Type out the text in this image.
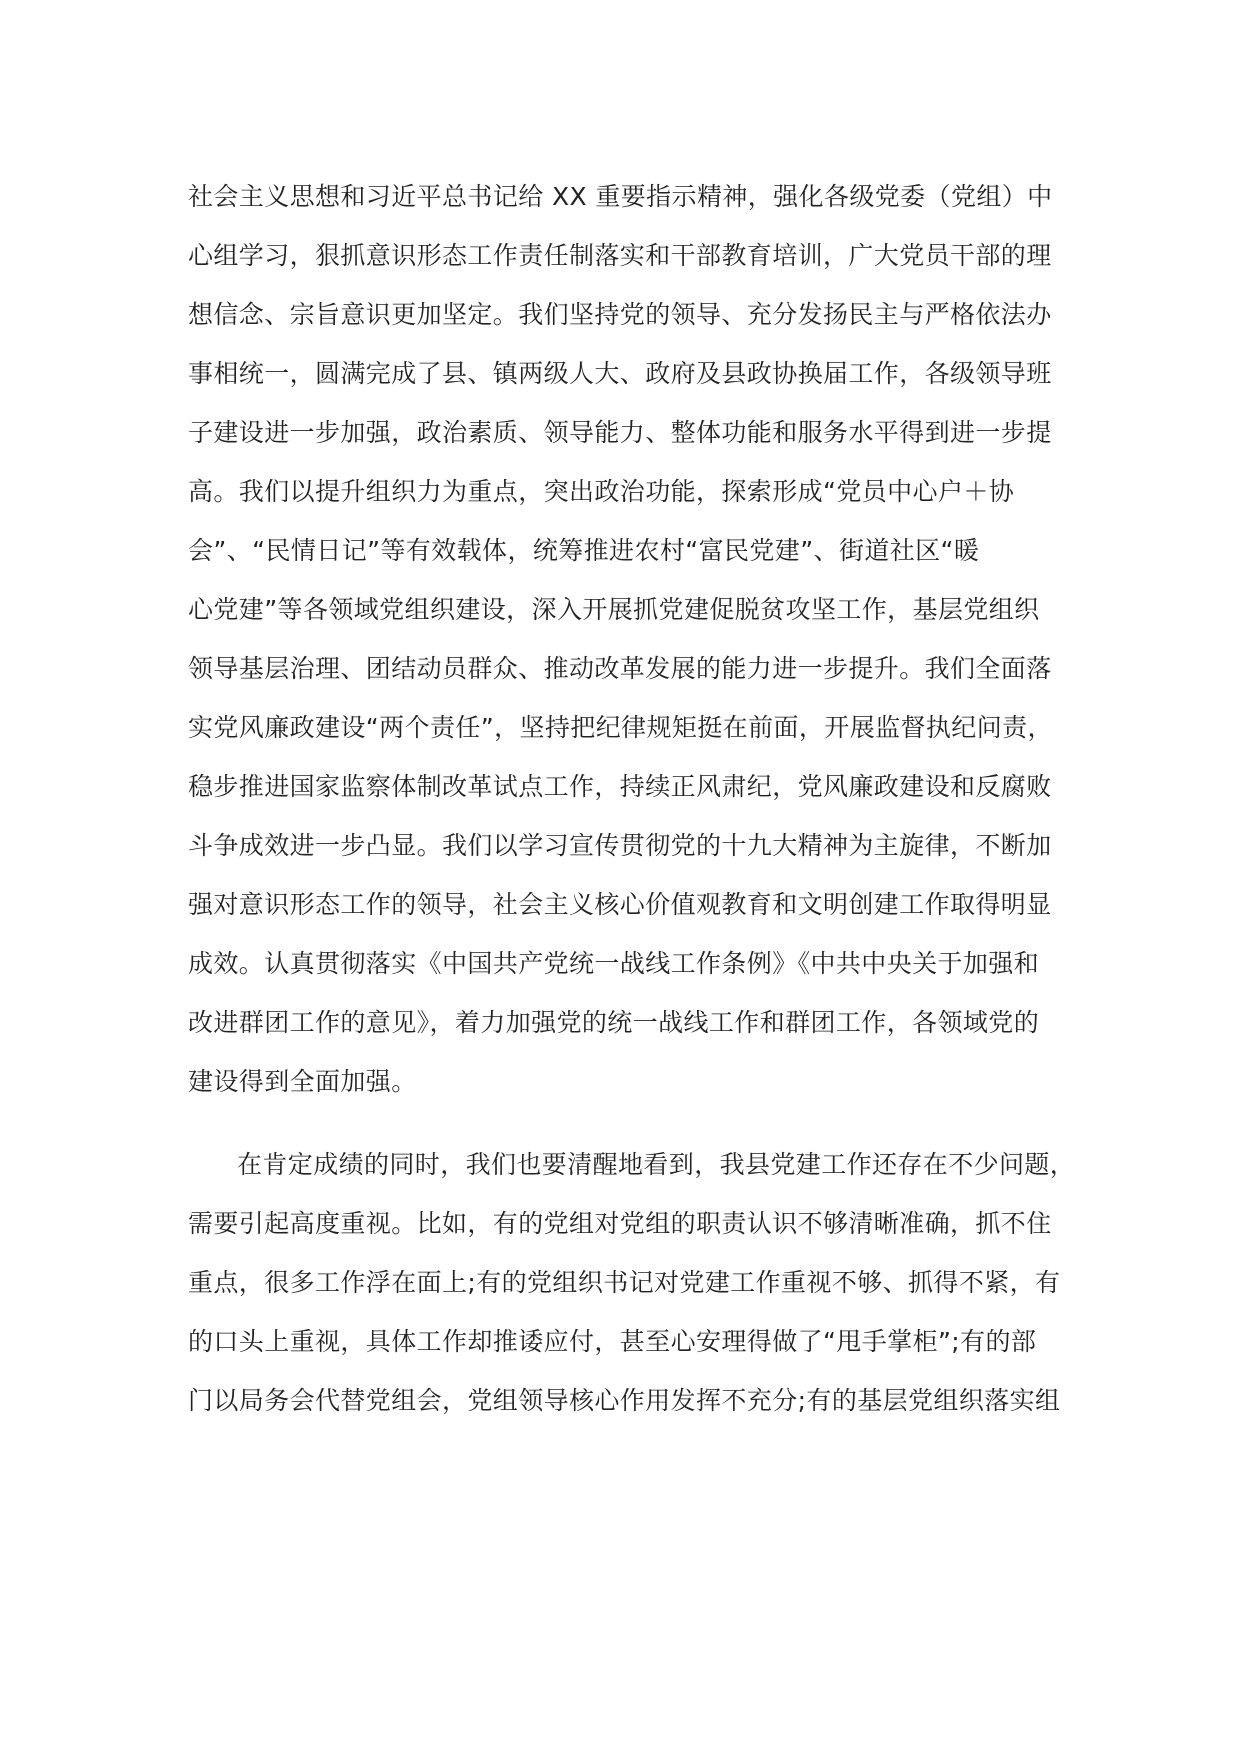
社会主义思想和习近平总书记给 XX 重要指示精神，强化各级党委（党组）中
心组学习，狠抓意识形态工作责任制落实和干部教育培训，广大党员干部的理
想信念、宗旨意识更加坚定。我们坚持党的领导、充分发扬民主与严格依法办
事相统一，圆满完成了县、镇两级人大、政府及县政协换届工作，各级领导班
子建设进一步加强，政治素质、领导能力、整体功能和服务水平得到进一步提
高。我们以提升组织力为重点，突出政治功能，探索形成“党员中心户＋协
会”、“民情日记”等有效载体，统筹推进农村“富民党建”、街道社区“暖
心党建”等各领域党组织建设，深入开展抓党建促脱贫攻坚工作，基层党组织
领导基层治理、团结动员群众、推动改革发展的能力进一步提升。我们全面落
实党风廉政建设“两个责任”，坚持把纪律规矩挺在前面，开展监督执纪问责，
稳步推进国家监察体制改革试点工作，持续正风肃纪，党风廉政建设和反腐败
斗争成效进一步凸显。我们以学习宣传贯彻党的十九大精神为主旋律，不断加
强对意识形态工作的领导，社会主义核心价值观教育和文明创建工作取得明显
成效。认真贯彻落实《中国共产党统一战线工作条例》《中共中央关于加强和
改进群团工作的意见》，着力加强党的统一战线工作和群团工作，各领域党的
建设得到全面加强。
在肯定成绩的同时，我们也要清醒地看到，我县党建工作还存在不少问题，
需要引起高度重视。比如，有的党组对党组的职责认识不够清晰准确，抓不住
重点，很多工作浮在面上;有的党组织书记对党建工作重视不够、抓得不紧，有
的口头上重视，具体工作却推诿应付，甚至心安理得做了“甩手掌柜”;有的部
门以局务会代替党组会，党组领导核心作用发挥不充分;有的基层党组织落实组
